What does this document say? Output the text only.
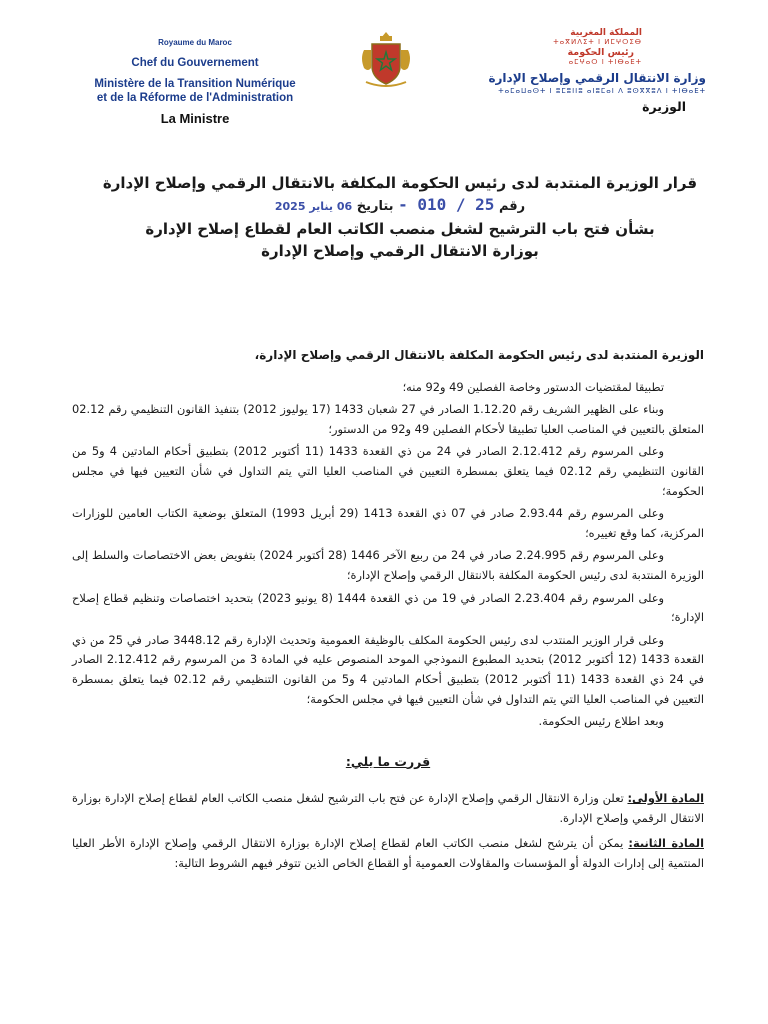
Royaume du Maroc
Chef du Gouvernement
Ministère de la Transition Numérique
et de la Réforme de l'Administration
La Ministre
المملكة المغربية
ⵜⴰⴳⵍⴷⵉⵜ ⵏ ⵍⵎⵖⵔⵉⴱ
رئيس الحكومة
ⴰⵎⵖⴰⵔ ⵏ ⵜⵏⴱⴰⴹⵜ
وزارة الانتقال الرقمي وإصلاح الإدارة
ⵜⴰⵎⴰⵡⴰⵙⵜ ⵏ ⵓⵎⵓⵏⵏⵓ ⴰⵏⵓⵎⴰⵏ ⴷ ⵓⵙⴳⴳⵓⴷ ⵏ ⵜⵏⴱⴰⴹⵜ
الوزيرة
قرار الوزيرة المنتدبة لدى رئيس الحكومة المكلفة بالانتقال الرقمي وإصلاح الإدارة
رقم 25 / 010 - بتاريخ 06 يناير 2025
بشأن فتح باب الترشيح لشغل منصب الكاتب العام لقطاع إصلاح الإدارة
بوزارة الانتقال الرقمي وإصلاح الإدارة

الوزيرة المنتدبة لدى رئيس الحكومة المكلفة بالانتقال الرقمي وإصلاح الإدارة،

تطبيقا لمقتضيات الدستور وخاصة الفصلين 49 و92 منه؛

وبناء على الظهير الشريف رقم 1.12.20 الصادر في 27 شعبان 1433 (17 يوليوز 2012) بتنفيذ القانون التنظيمي رقم 02.12 المتعلق بالتعيين في المناصب العليا تطبيقا لأحكام الفصلين 49 و92 من الدستور؛

وعلى المرسوم رقم 2.12.412 الصادر في 24 من ذي القعدة 1433 (11 أكتوبر 2012) بتطبيق أحكام المادتين 4 و5 من القانون التنظيمي رقم 02.12 فيما يتعلق بمسطرة التعيين في المناصب العليا التي يتم التداول في شأن التعيين فيها في مجلس الحكومة؛

وعلى المرسوم رقم 2.93.44 صادر في 07 ذي القعدة 1413 (29 أبريل 1993) المتعلق بوضعية الكتاب العامين للوزارات المركزية، كما وقع تغييره؛

وعلى المرسوم رقم 2.24.995 صادر في 24 من ربيع الآخر 1446 (28 أكتوبر 2024) بتفويض بعض الاختصاصات والسلط إلى الوزيرة المنتدبة لدى رئيس الحكومة المكلفة بالانتقال الرقمي وإصلاح الإدارة؛

وعلى المرسوم رقم 2.23.404 الصادر في 19 من ذي القعدة 1444 (8 يونيو 2023) بتحديد اختصاصات وتنظيم قطاع إصلاح الإدارة؛

وعلى قرار الوزير المنتدب لدى رئيس الحكومة المكلف بالوظيفة العمومية وتحديث الإدارة رقم 3448.12 صادر في 25 من ذي القعدة 1433 (12 أكتوبر 2012) بتحديد المطبوع النموذجي الموحد المنصوص عليه في المادة 3 من المرسوم رقم 2.12.412 الصادر في 24 ذي القعدة 1433 (11 أكتوبر 2012) بتطبيق أحكام المادتين 4 و5 من القانون التنظيمي رقم 02.12 فيما يتعلق بمسطرة التعيين في المناصب العليا التي يتم التداول في شأن التعيين فيها في مجلس الحكومة؛

وبعد اطلاع رئيس الحكومة.

قررت ما يلي:

المادة الأولى: تعلن وزارة الانتقال الرقمي وإصلاح الإدارة عن فتح باب الترشيح لشغل منصب الكاتب العام لقطاع إصلاح الإدارة بوزارة الانتقال الرقمي وإصلاح الإدارة.

المادة الثانية: يمكن أن يترشح لشغل منصب الكاتب العام لقطاع إصلاح الإدارة بوزارة الانتقال الرقمي وإصلاح الإدارة الأطر العليا المنتمية إلى إدارات الدولة أو المؤسسات والمقاولات العمومية أو القطاع الخاص الذين تتوفر فيهم الشروط التالية:
